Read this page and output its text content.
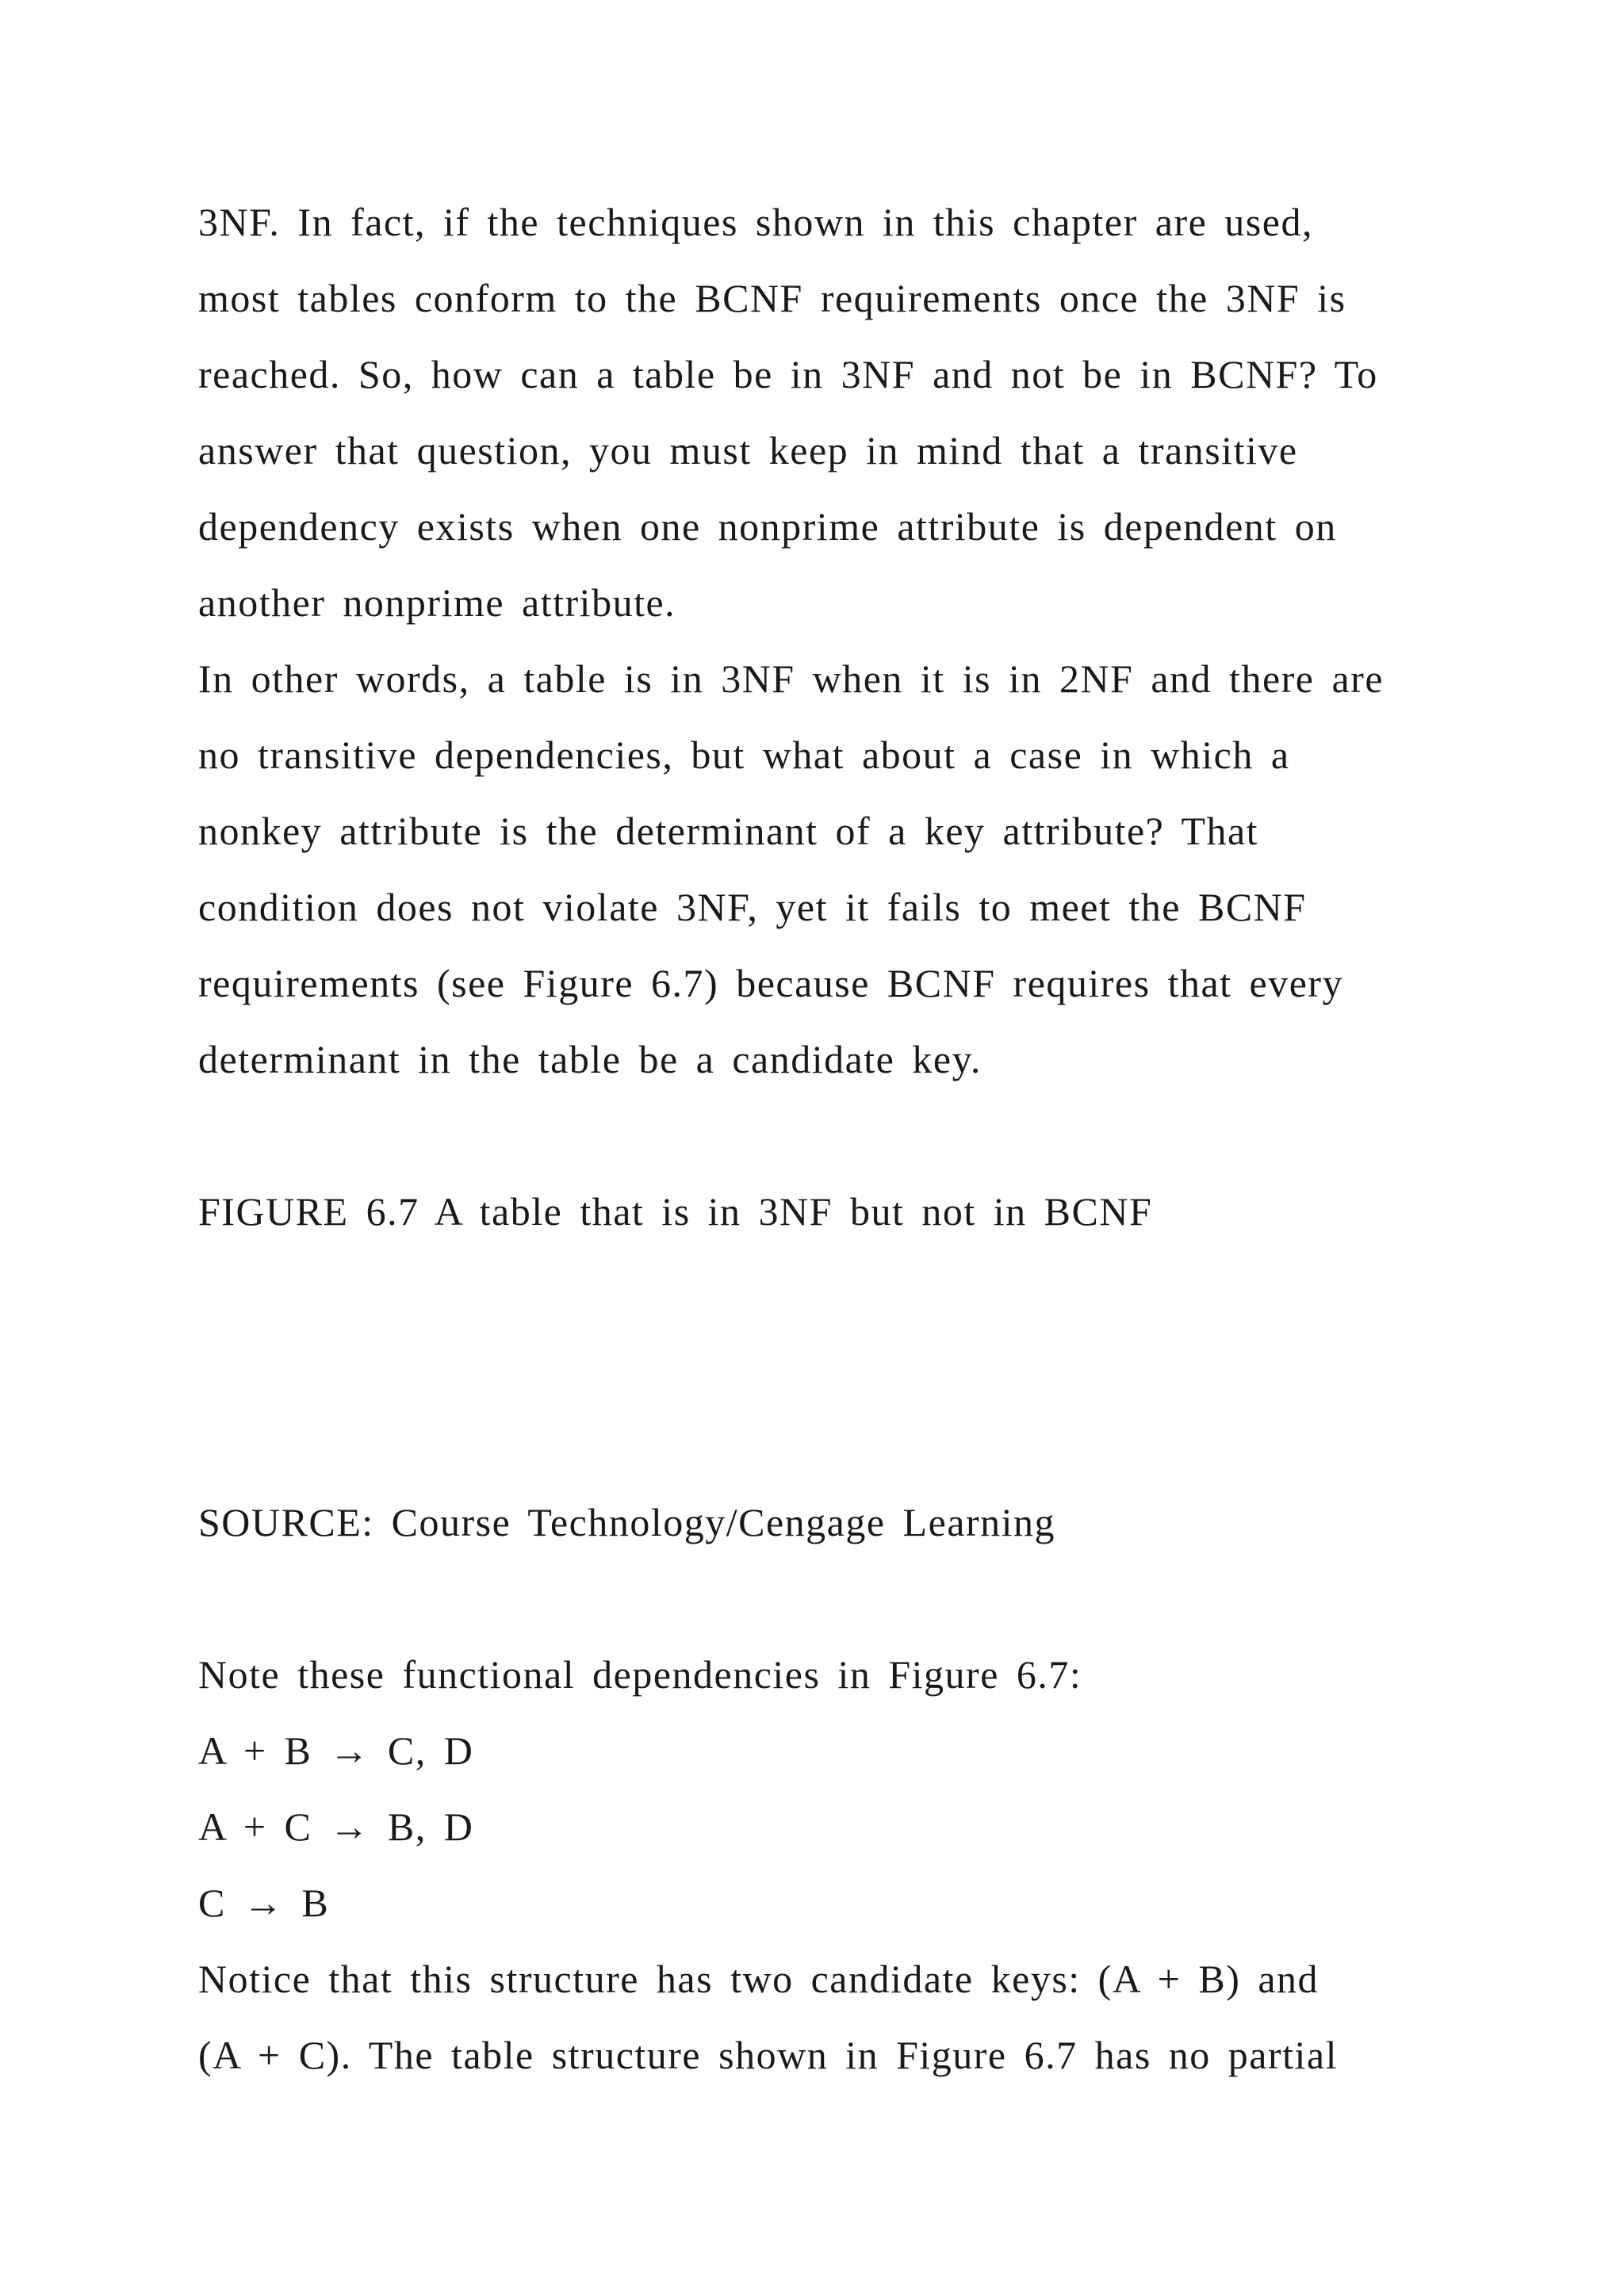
3NF. In fact, if the techniques shown in this chapter are used,
most tables conform to the BCNF requirements once the 3NF is
reached. So, how can a table be in 3NF and not be in BCNF? To
answer that question, you must keep in mind that a transitive
dependency exists when one nonprime attribute is dependent on
another nonprime attribute.
In other words, a table is in 3NF when it is in 2NF and there are
no transitive dependencies, but what about a case in which a
nonkey attribute is the determinant of a key attribute? That
condition does not violate 3NF, yet it fails to meet the BCNF
requirements (see Figure 6.7) because BCNF requires that every
determinant in the table be a candidate key.
FIGURE 6.7 A table that is in 3NF but not in BCNF
SOURCE: Course Technology/Cengage Learning
Note these functional dependencies in Figure 6.7:
A + B → C, D
A + C → B, D
C → B
Notice that this structure has two candidate keys: (A + B) and
(A + C). The table structure shown in Figure 6.7 has no partial
